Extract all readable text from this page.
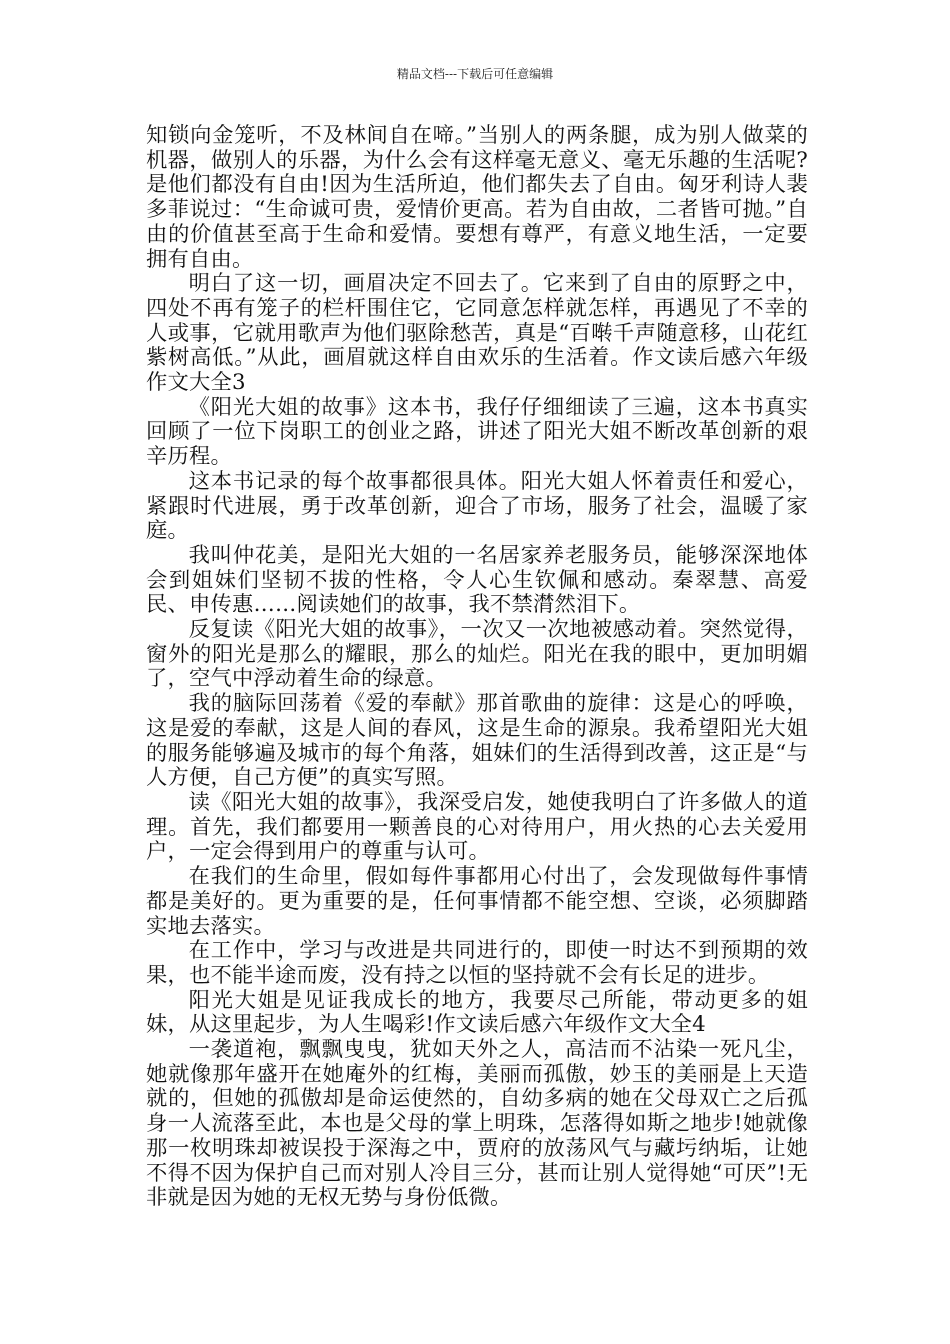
精品文档---下载后可任意编辑

知锁向金笼听，不及林间自在啼。”当别人的两条腿，成为别人做菜的机器，做别人的乐器，为什么会有这样毫无意义、毫无乐趣的生活呢?是他们都没有自由!因为生活所迫，他们都失去了自由。匈牙利诗人裴多菲说过：“生命诚可贵，爱情价更高。若为自由故，二者皆可抛。”自由的价值甚至高于生命和爱情。要想有尊严，有意义地生活，一定要拥有自由。

明白了这一切，画眉决定不回去了。它来到了自由的原野之中，四处不再有笼子的栏杆围住它，它同意怎样就怎样，再遇见了不幸的人或事，它就用歌声为他们驱除愁苦，真是“百啭千声随意移，山花红紫树高低。”从此，画眉就这样自由欢乐的生活着。作文读后感六年级作文大全3

《阳光大姐的故事》这本书，我仔仔细细读了三遍，这本书真实回顾了一位下岗职工的创业之路，讲述了阳光大姐不断改革创新的艰辛历程。

这本书记录的每个故事都很具体。阳光大姐人怀着责任和爱心，紧跟时代进展，勇于改革创新，迎合了市场，服务了社会，温暖了家庭。

我叫仲花美，是阳光大姐的一名居家养老服务员，能够深深地体会到姐妹们坚韧不拔的性格，令人心生钦佩和感动。秦翠慧、高爱民、申传惠……阅读她们的故事，我不禁潸然泪下。

反复读《阳光大姐的故事》，一次又一次地被感动着。突然觉得，窗外的阳光是那么的耀眼，那么的灿烂。阳光在我的眼中，更加明媚了，空气中浮动着生命的绿意。

我的脑际回荡着《爱的奉献》那首歌曲的旋律：这是心的呼唤，这是爱的奉献，这是人间的春风，这是生命的源泉。我希望阳光大姐的服务能够遍及城市的每个角落，姐妹们的生活得到改善，这正是“与人方便，自己方便”的真实写照。

读《阳光大姐的故事》，我深受启发，她使我明白了许多做人的道理。首先，我们都要用一颗善良的心对待用户，用火热的心去关爱用户，一定会得到用户的尊重与认可。

在我们的生命里，假如每件事都用心付出了，会发现做每件事情都是美好的。更为重要的是，任何事情都不能空想、空谈，必须脚踏实地去落实。

在工作中，学习与改进是共同进行的，即使一时达不到预期的效果，也不能半途而废，没有持之以恒的坚持就不会有长足的进步。

阳光大姐是见证我成长的地方，我要尽己所能，带动更多的姐妹，从这里起步，为人生喝彩!作文读后感六年级作文大全4

一袭道袍，飘飘曳曳，犹如天外之人，高洁而不沾染一死凡尘，她就像那年盛开在她庵外的红梅，美丽而孤傲，妙玉的美丽是上天造就的，但她的孤傲却是命运使然的，自幼多病的她在父母双亡之后孤身一人流落至此，本也是父母的掌上明珠，怎落得如斯之地步!她就像那一枚明珠却被误投于深海之中，贾府的放荡风气与藏圬纳垢，让她不得不因为保护自己而对别人冷目三分，甚而让别人觉得她“可厌”!无非就是因为她的无权无势与身份低微。
